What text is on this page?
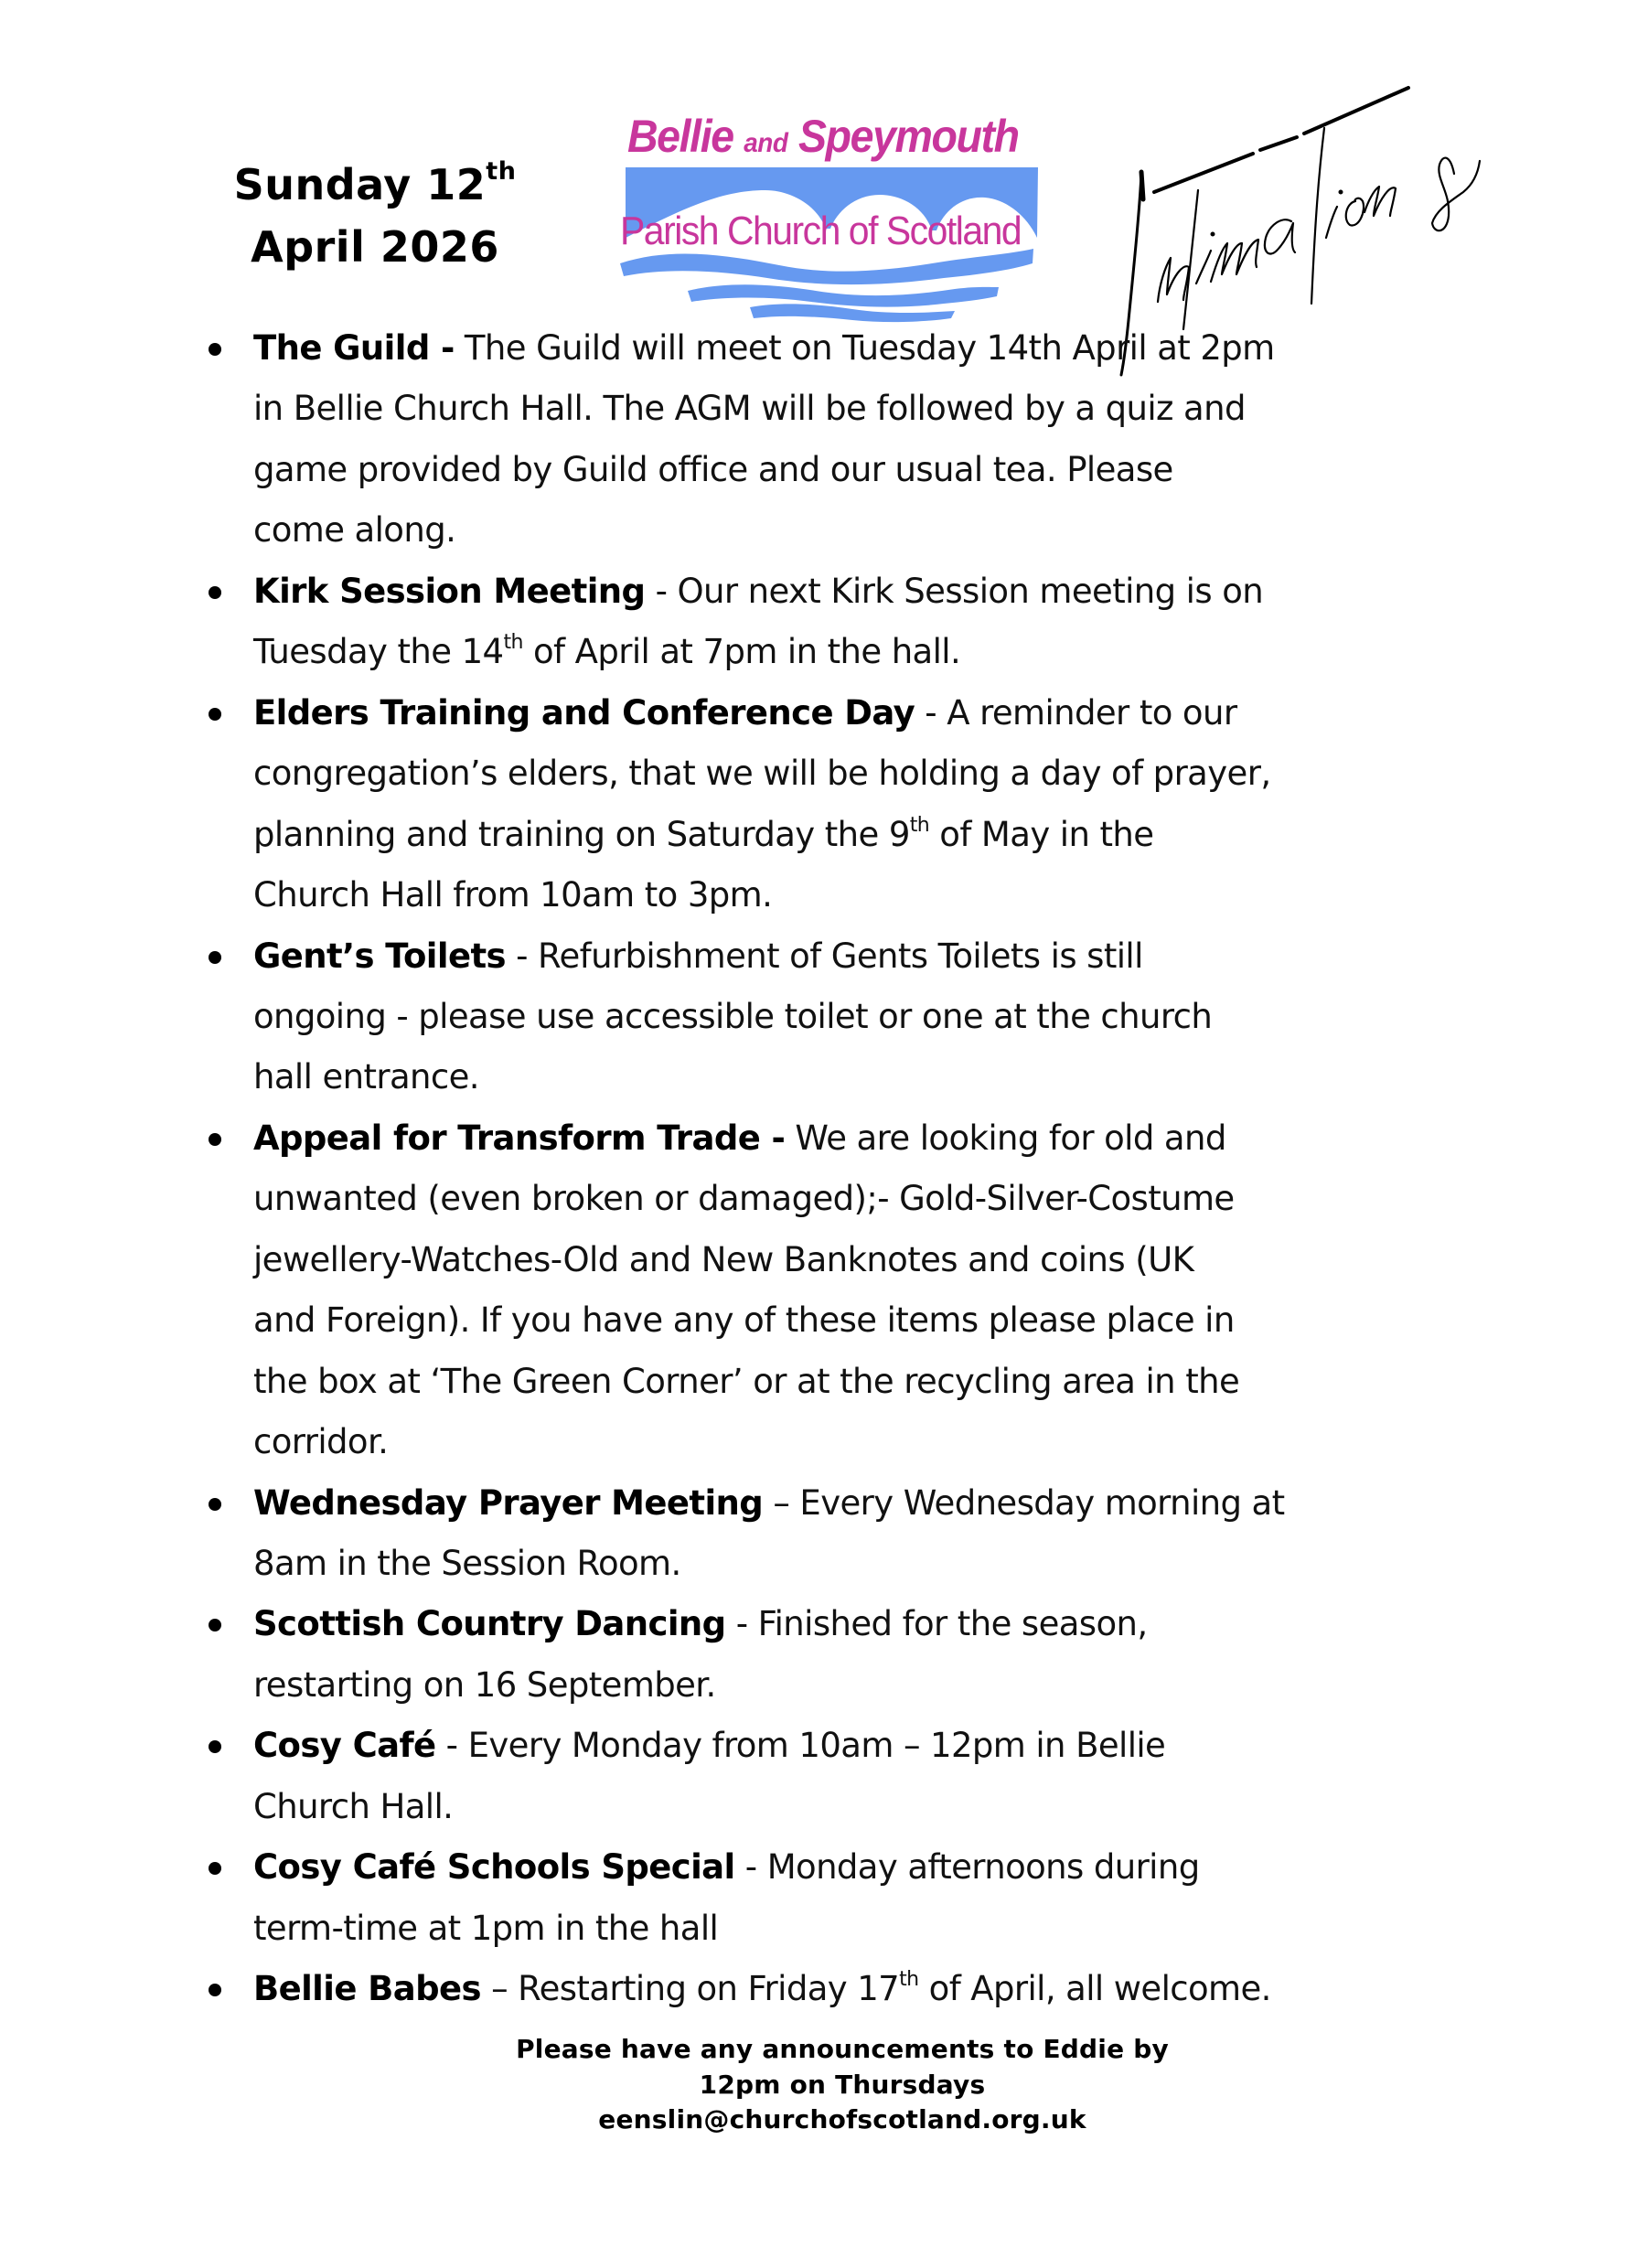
Sunday 12th
April 2026
Bellie and Speymouth
Parish Church of Scotland
The Guild - The Guild will meet on Tuesday 14th April at 2pm
in Bellie Church Hall. The AGM will be followed by a quiz and
game provided by Guild office and our usual tea. Please
come along.
Kirk Session Meeting - Our next Kirk Session meeting is on
Tuesday the 14th of April at 7pm in the hall.
Elders Training and Conference Day - A reminder to our
congregation’s elders, that we will be holding a day of prayer,
planning and training on Saturday the 9th of May in the
Church Hall from 10am to 3pm.
Gent’s Toilets - Refurbishment of Gents Toilets is still
ongoing - please use accessible toilet or one at the church
hall entrance.
Appeal for Transform Trade - We are looking for old and
unwanted (even broken or damaged);- Gold-Silver-Costume
jewellery-Watches-Old and New Banknotes and coins (UK
and Foreign). If you have any of these items please place in
the box at ‘The Green Corner’ or at the recycling area in the
corridor.
Wednesday Prayer Meeting – Every Wednesday morning at
8am in the Session Room.
Scottish Country Dancing - Finished for the season,
restarting on 16 September.
Cosy Café - Every Monday from 10am – 12pm in Bellie
Church Hall.
Cosy Café Schools Special - Monday afternoons during
term-time at 1pm in the hall
Bellie Babes – Restarting on Friday 17th of April, all welcome.
Please have any announcements to Eddie by
12pm on Thursdays
eenslin@churchofscotland.org.uk
